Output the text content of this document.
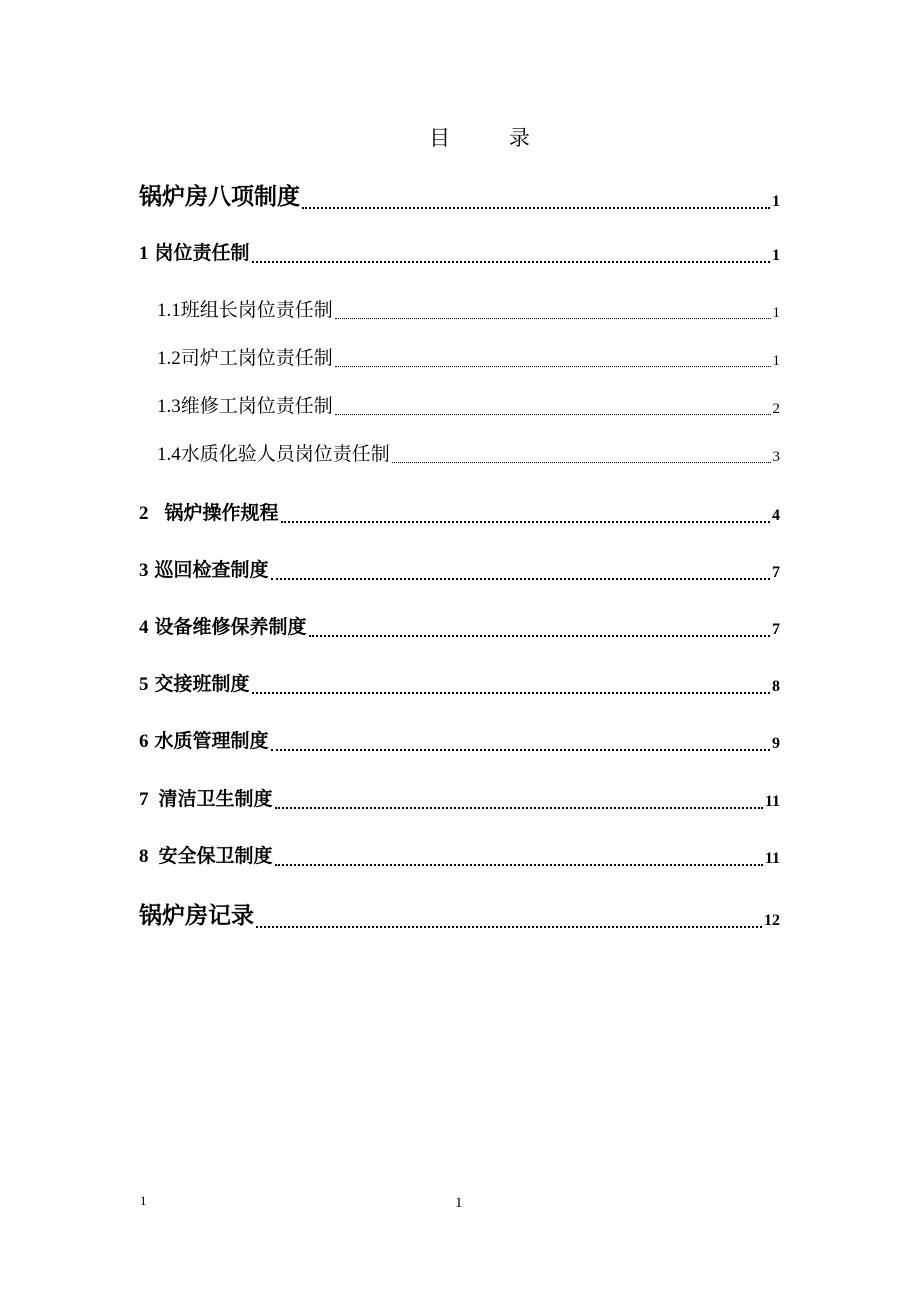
目 录
锅炉房八项制度	1
1 岗位责任制	1
1.1 班组长岗位责任制	1
1.2 司炉工岗位责任制	1
1.3 维修工岗位责任制	2
1.4 水质化验人员岗位责任制	3
2 锅炉操作规程	4
3 巡回检查制度	7
4 设备维修保养制度	7
5 交接班制度	8
6 水质管理制度	9
7 清洁卫生制度	11
8 安全保卫制度	11
锅炉房记录	12
1	1
